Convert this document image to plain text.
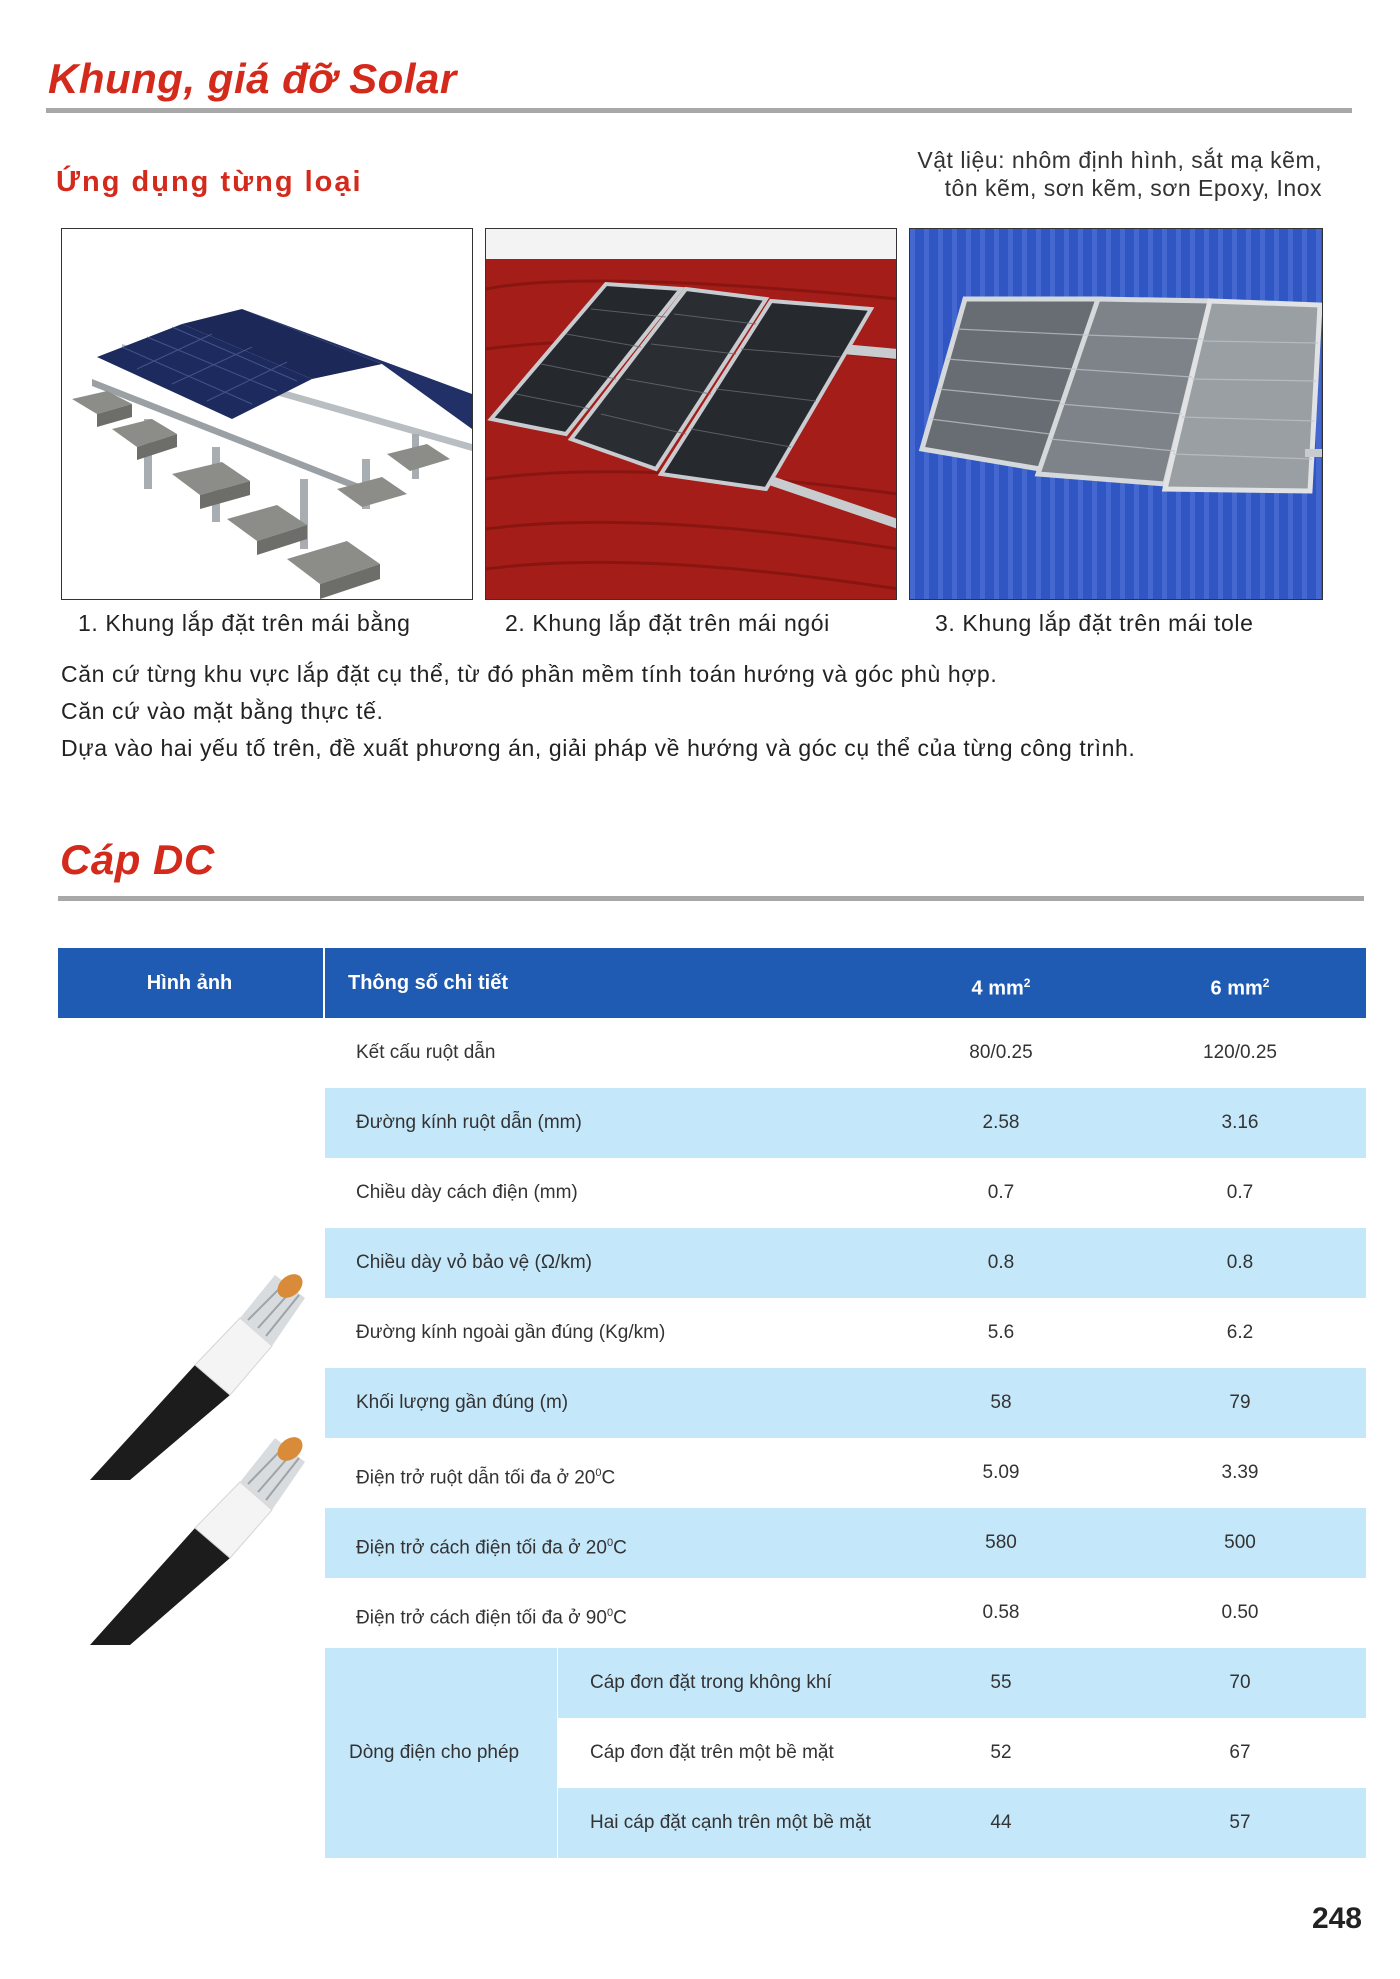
Khung, giá đỡ Solar
Ứng dụng từng loại
Vật liệu: nhôm định hình, sắt mạ kẽm,
tôn kẽm, sơn kẽm, sơn Epoxy, Inox
1. Khung lắp đặt trên mái bằng	2. Khung lắp đặt trên mái ngói	3. Khung lắp đặt trên mái tole
Căn cứ từng khu vực lắp đặt cụ thể, từ đó phần mềm tính toán hướng và góc phù hợp.
Căn cứ vào mặt bằng thực tế.
Dựa vào hai yếu tố trên, đề xuất phương án, giải pháp về hướng và góc cụ thể của từng công trình.
Cáp DC
Hình ảnh	Thông số chi tiết	4 $mm^2$	6 $mm^2$
Kết cấu ruột dẫn	80/0.25	120/0.25
Đường kính ruột dẫn (mm)	2.58	3.16
Chiều dày cách điện (mm)	0.7	0.7
Chiều dày vỏ bảo vệ (Ω/km)	0.8	0.8
Đường kính ngoài gần đúng (Kg/km)	5.6	6.2
Khối lượng gần đúng (m)	58	79
Điện trở ruột dẫn tối đa ở $20^0C$	5.09	3.39
Điện trở cách điện tối đa ở $20^0C$	580	500
Điện trở cách điện tối đa ở $90^0C$	0.58	0.50
Dòng điện cho phép
Cáp đơn đặt trong không khí	55	70
Cáp đơn đặt trên một bề mặt	52	67
Hai cáp đặt cạnh trên một bề mặt	44	57
248
